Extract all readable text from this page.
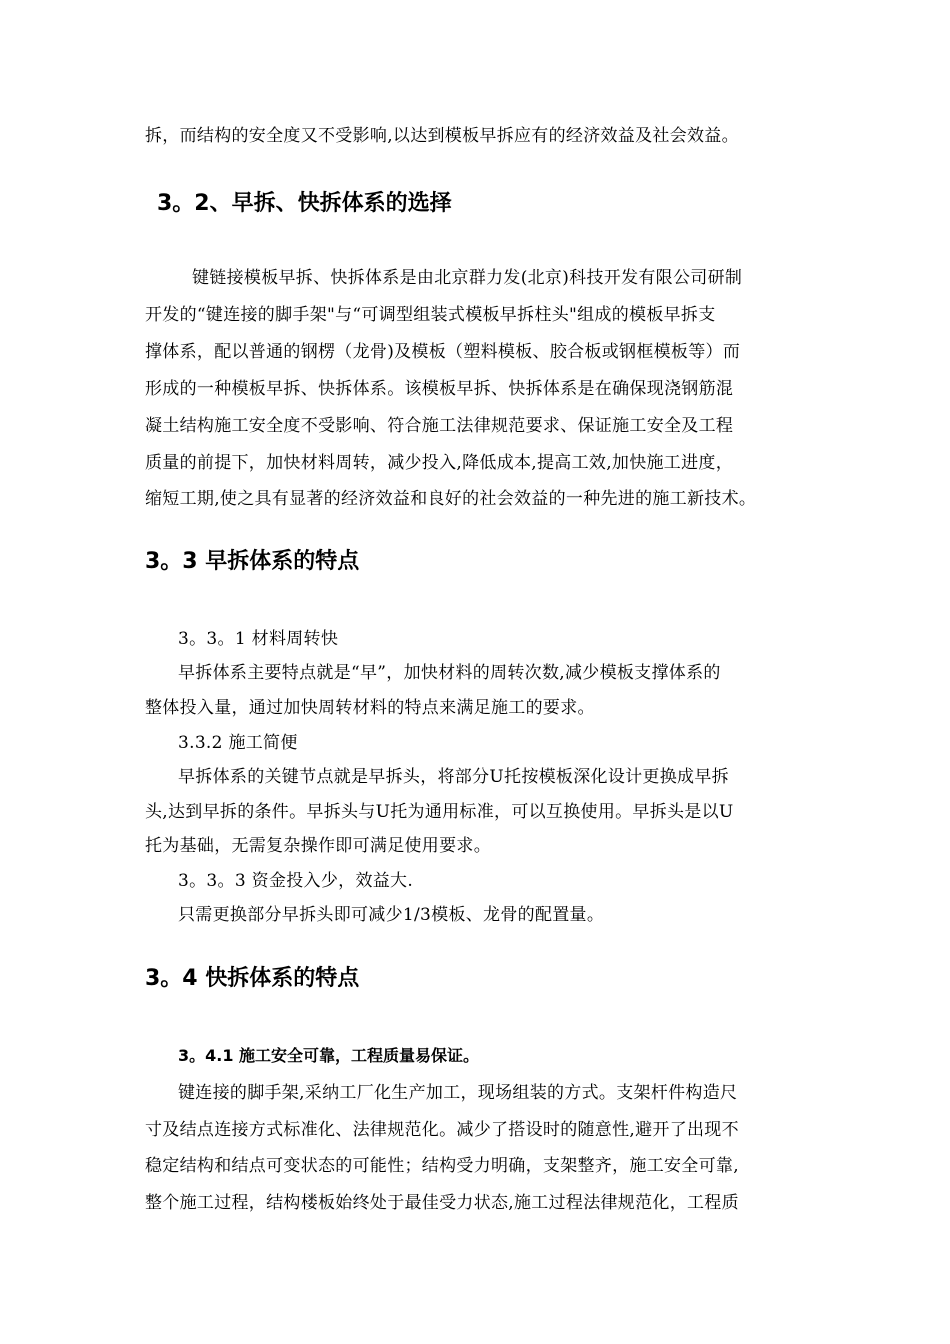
拆，而结构的安全度又不受影响,以达到模板早拆应有的经济效益及社会效益。
3。2、早拆、快拆体系的选择
键链接模板早拆、快拆体系是由北京群力发(北京)科技开发有限公司研制
开发的“键连接的脚手架"与“可调型组装式模板早拆柱头"组成的模板早拆支
撑体系，配以普通的钢楞（龙骨)及模板（塑料模板、胶合板或钢框模板等）而
形成的一种模板早拆、快拆体系。该模板早拆、快拆体系是在确保现浇钢筋混
凝土结构施工安全度不受影响、符合施工法律规范要求、保证施工安全及工程
质量的前提下，加快材料周转，减少投入,降低成本,提高工效,加快施工进度，
缩短工期,使之具有显著的经济效益和良好的社会效益的一种先进的施工新技术。
3。3 早拆体系的特点
3。3。1 材料周转快
早拆体系主要特点就是“早”，加快材料的周转次数,减少模板支撑体系的
整体投入量，通过加快周转材料的特点来满足施工的要求。
3.3.2 施工简便
早拆体系的关键节点就是早拆头，将部分U托按模板深化设计更换成早拆
头,达到早拆的条件。早拆头与U托为通用标准，可以互换使用。早拆头是以U
托为基础，无需复杂操作即可满足使用要求。
3。3。3 资金投入少，效益大.
只需更换部分早拆头即可减少1/3模板、龙骨的配置量。
3。4 快拆体系的特点
3。4.1 施工安全可靠，工程质量易保证。
键连接的脚手架,采纳工厂化生产加工，现场组装的方式。支架杆件构造尺
寸及结点连接方式标准化、法律规范化。减少了搭设时的随意性,避开了出现不
稳定结构和结点可变状态的可能性；结构受力明确，支架整齐，施工安全可靠,
整个施工过程，结构楼板始终处于最佳受力状态,施工过程法律规范化，工程质
